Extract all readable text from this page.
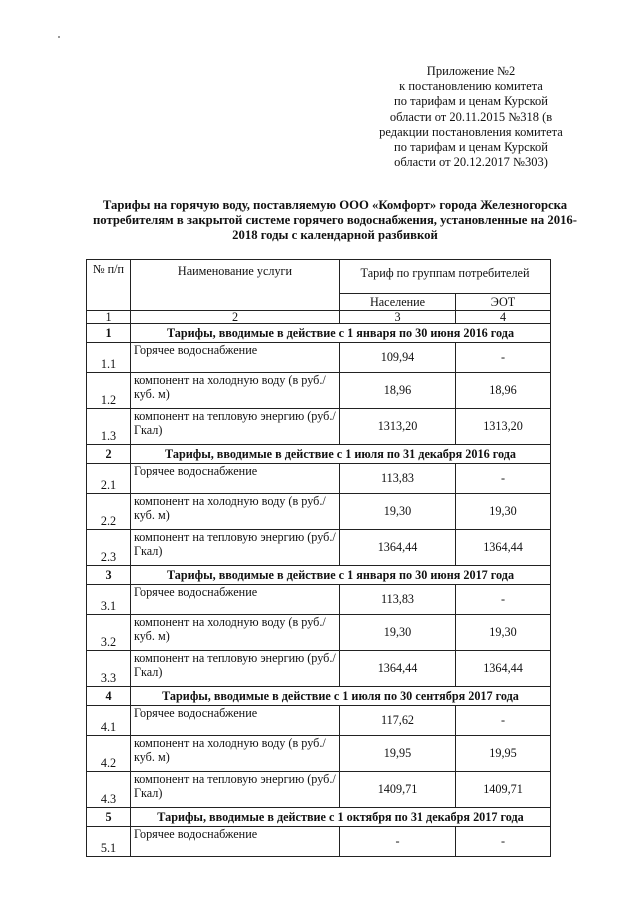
Приложение №2
к постановлению комитета
по тарифам и ценам Курской
области от 20.11.2015 №318 (в
редакции постановления комитета
по тарифам и ценам Курской
области от 20.12.2017 №303)
Тарифы на горячую воду, поставляемую ООО «Комфорт» города Железногорска потребителям в закрытой системе горячего водоснабжения, установленные на 2016-2018 годы с календарной разбивкой
№ п/п	Наименование услуги	Тариф по группам потребителей	
		Население	ЭОТ
1	2	3	4
1	Тарифы, вводимые в действие с 1 января по 30 июня 2016 года		
1.1	Горячее водоснабжение	109,94	-
1.2	компонент на холодную воду (в руб./куб. м)	18,96	18,96
1.3	компонент на тепловую энергию (руб./Гкал)	1313,20	1313,20
2	Тарифы, вводимые в действие с 1 июля по 31 декабря 2016 года		
2.1	Горячее водоснабжение	113,83	-
2.2	компонент на холодную воду (в руб./куб. м)	19,30	19,30
2.3	компонент на тепловую энергию (руб./Гкал)	1364,44	1364,44
3	Тарифы, вводимые в действие с 1 января по 30 июня 2017 года		
3.1	Горячее водоснабжение	113,83	-
3.2	компонент на холодную воду (в руб./куб. м)	19,30	19,30
3.3	компонент на тепловую энергию (руб./Гкал)	1364,44	1364,44
4	Тарифы, вводимые в действие с 1 июля по 30 сентября 2017 года		
4.1	Горячее водоснабжение	117,62	-
4.2	компонент на холодную воду (в руб./куб. м)	19,95	19,95
4.3	компонент на тепловую энергию (руб./Гкал)	1409,71	1409,71
5	Тарифы, вводимые в действие с 1 октября по 31 декабря 2017 года		
5.1	Горячее водоснабжение	-	-
